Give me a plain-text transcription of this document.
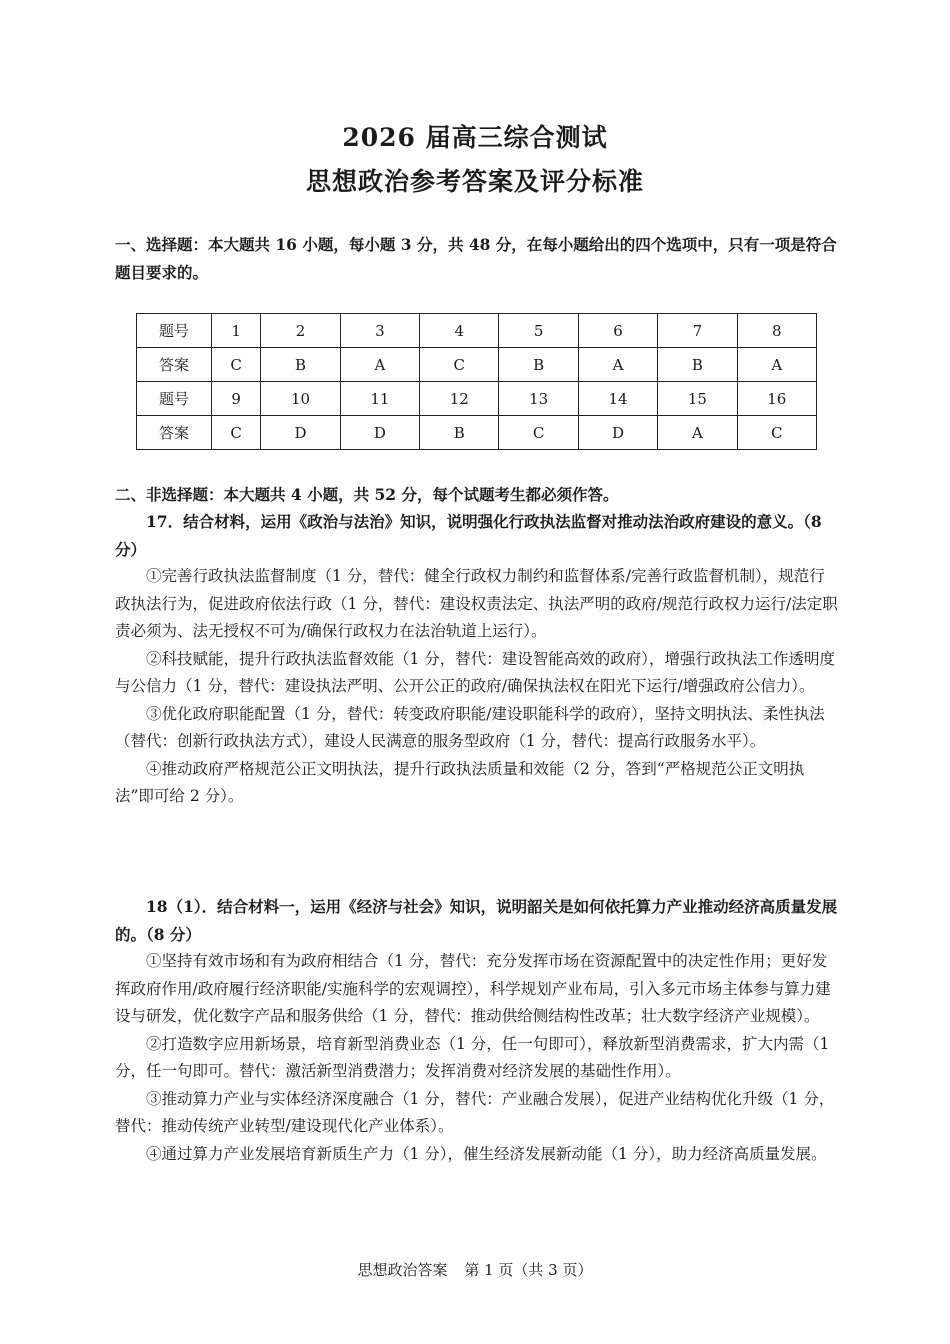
2026 届高三综合测试
思想政治参考答案及评分标准
一、选择题：本大题共 16 小题，每小题 3 分，共 48 分，在每小题给出的四个选项中，只有一项是符合题目要求的。
题号	1	2	3	4	5	6	7	8
答案	C	B	A	C	B	A	B	A
题号	9	10	11	12	13	14	15	16
答案	C	D	D	B	C	D	A	C
二、非选择题：本大题共 4 小题，共 52 分，每个试题考生都必须作答。
17．结合材料，运用《政治与法治》知识，说明强化行政执法监督对推动法治政府建设的意义。（8 分）
①完善行政执法监督制度（1 分，替代：健全行政权力制约和监督体系/完善行政监督机制），规范行政执法行为，促进政府依法行政（1 分，替代：建设权责法定、执法严明的政府/规范行政权力运行/法定职责必须为、法无授权不可为/确保行政权力在法治轨道上运行）。
②科技赋能，提升行政执法监督效能（1 分，替代：建设智能高效的政府），增强行政执法工作透明度与公信力（1 分，替代：建设执法严明、公开公正的政府/确保执法权在阳光下运行/增强政府公信力）。
③优化政府职能配置（1 分，替代：转变政府职能/建设职能科学的政府），坚持文明执法、柔性执法（替代：创新行政执法方式），建设人民满意的服务型政府（1 分，替代：提高行政服务水平）。
④推动政府严格规范公正文明执法，提升行政执法质量和效能（2 分，答到“严格规范公正文明执法”即可给 2 分）。
18（1）．结合材料一，运用《经济与社会》知识，说明韶关是如何依托算力产业推动经济高质量发展的。（8 分）
①坚持有效市场和有为政府相结合（1 分，替代：充分发挥市场在资源配置中的决定性作用；更好发挥政府作用/政府履行经济职能/实施科学的宏观调控），科学规划产业布局，引入多元市场主体参与算力建设与研发，优化数字产品和服务供给（1 分，替代：推动供给侧结构性改革；壮大数字经济产业规模）。
②打造数字应用新场景，培育新型消费业态（1 分，任一句即可），释放新型消费需求，扩大内需（1 分，任一句即可。替代：激活新型消费潜力；发挥消费对经济发展的基础性作用）。
③推动算力产业与实体经济深度融合（1 分，替代：产业融合发展），促进产业结构优化升级（1 分，替代：推动传统产业转型/建设现代化产业体系）。
④通过算力产业发展培育新质生产力（1 分），催生经济发展新动能（1 分），助力经济高质量发展。
思想政治答案 第 1 页（共 3 页）
